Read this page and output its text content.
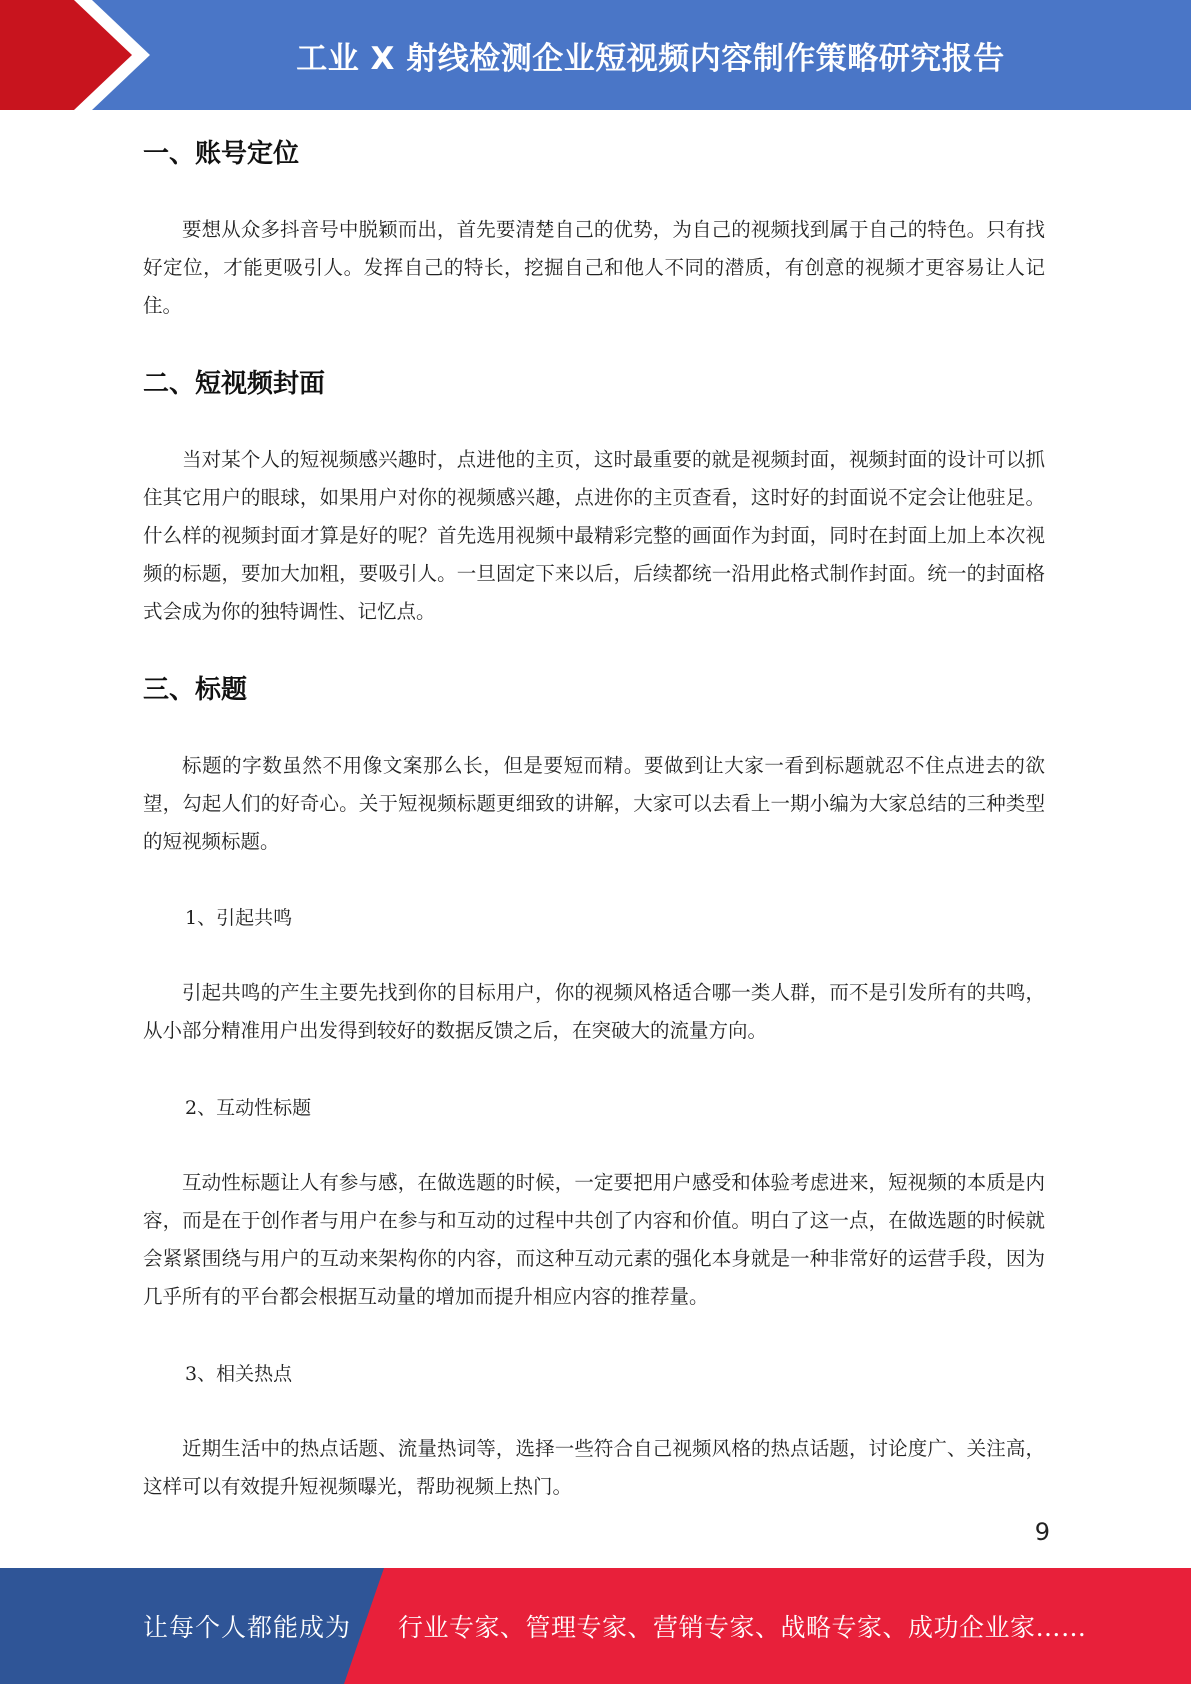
工业 X 射线检测企业短视频内容制作策略研究报告
一、账号定位

要想从众多抖音号中脱颖而出，首先要清楚自己的优势，为自己的视频找到属于自己的特色。只有找好定位，才能更吸引人。发挥自己的特长，挖掘自己和他人不同的潜质，有创意的视频才更容易让人记住。

二、短视频封面

当对某个人的短视频感兴趣时，点进他的主页，这时最重要的就是视频封面，视频封面的设计可以抓住其它用户的眼球，如果用户对你的视频感兴趣，点进你的主页查看，这时好的封面说不定会让他驻足。什么样的视频封面才算是好的呢？首先选用视频中最精彩完整的画面作为封面，同时在封面上加上本次视频的标题，要加大加粗，要吸引人。一旦固定下来以后，后续都统一沿用此格式制作封面。统一的封面格式会成为你的独特调性、记忆点。

三、标题

标题的字数虽然不用像文案那么长，但是要短而精。要做到让大家一看到标题就忍不住点进去的欲望，勾起人们的好奇心。关于短视频标题更细致的讲解，大家可以去看上一期小编为大家总结的三种类型的短视频标题。

1、引起共鸣

引起共鸣的产生主要先找到你的目标用户，你的视频风格适合哪一类人群，而不是引发所有的共鸣，从小部分精准用户出发得到较好的数据反馈之后，在突破大的流量方向。

2、互动性标题

互动性标题让人有参与感，在做选题的时候，一定要把用户感受和体验考虑进来，短视频的本质是内容，而是在于创作者与用户在参与和互动的过程中共创了内容和价值。明白了这一点，在做选题的时候就会紧紧围绕与用户的互动来架构你的内容，而这种互动元素的强化本身就是一种非常好的运营手段，因为几乎所有的平台都会根据互动量的增加而提升相应内容的推荐量。

3、相关热点

近期生活中的热点话题、流量热词等，选择一些符合自己视频风格的热点话题，讨论度广、关注高，这样可以有效提升短视频曝光，帮助视频上热门。

9
让每个人都能成为 行业专家、管理专家、营销专家、战略专家、成功企业家……
